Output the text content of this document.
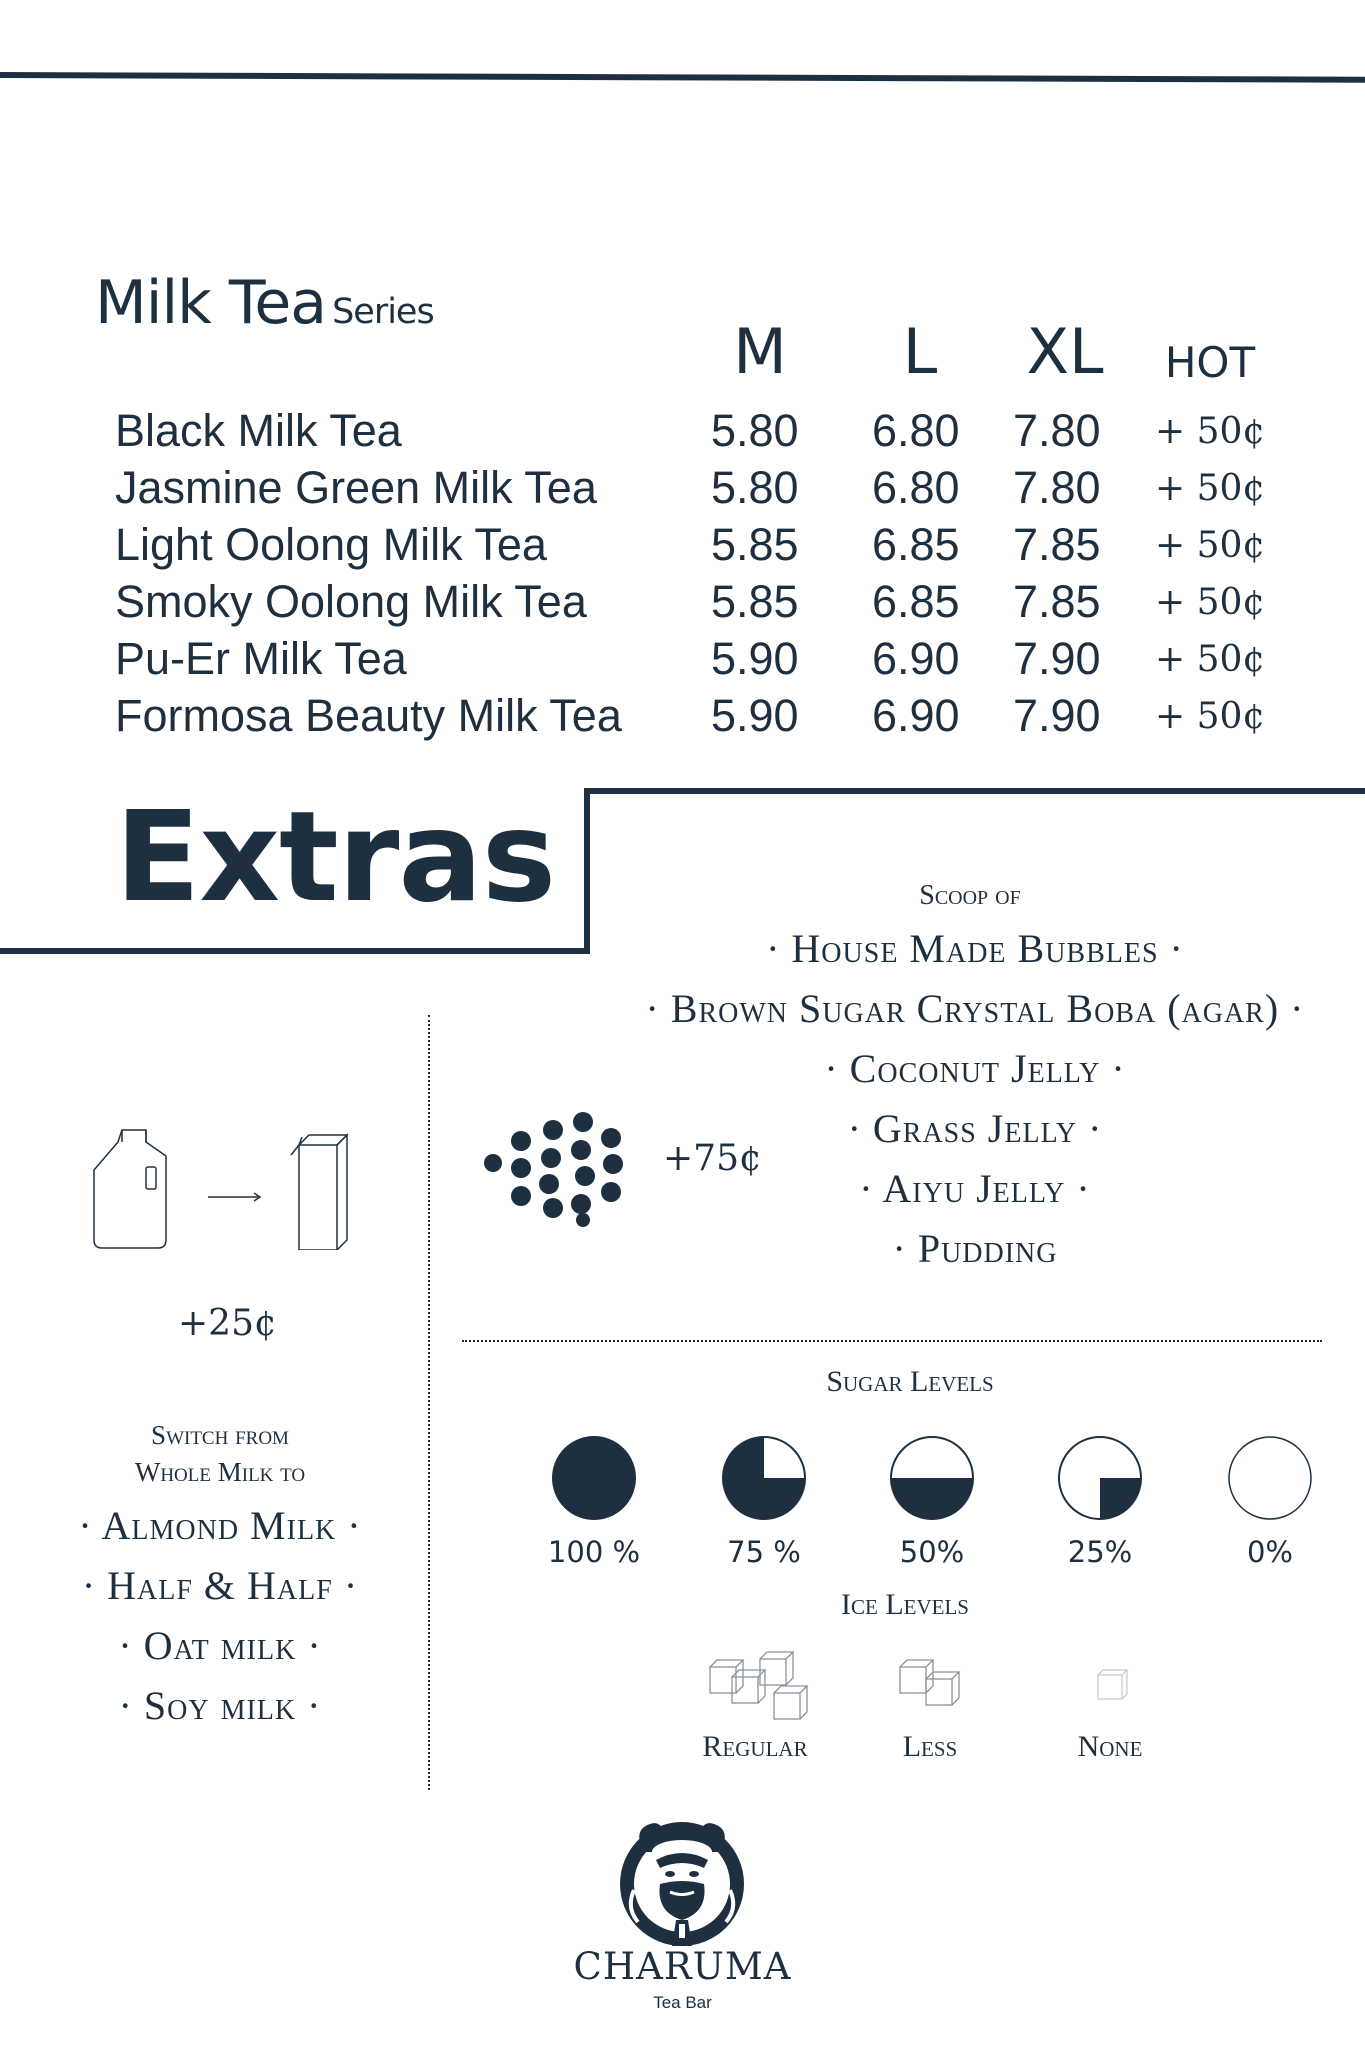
Milk Tea Series
M	L	XL	HOT
Black Milk Tea	5.80 6.80 7.80 + 50¢
Jasmine Green Milk Tea	5.80 6.80 7.80 + 50¢
Light Oolong Milk Tea	5.85 6.85 7.85 + 50¢
Smoky Oolong Milk Tea	5.85 6.85 7.85 + 50¢
Pu-Er Milk Tea	5.90 6.90 7.90 + 50¢
Formosa Beauty Milk Tea 5.90 6.90 7.90 + 50¢
Extras	Scoop of
· House Made Bubbles ·
· Brown Sugar Crystal Boba (agar) ·
· Coconut Jelly ·
· Grass Jelly ·
· Aiyu Jelly ·
· Pudding
+75¢
+25¢
Switch from
Whole Milk to
· Almond Milk ·
· Half & Half ·
· Oat milk ·
· Soy milk ·
Sugar Levels
100 %	75 %	50%	25%	0%
Ice Levels
Regular	Less	None
CHARUMA
Tea Bar
